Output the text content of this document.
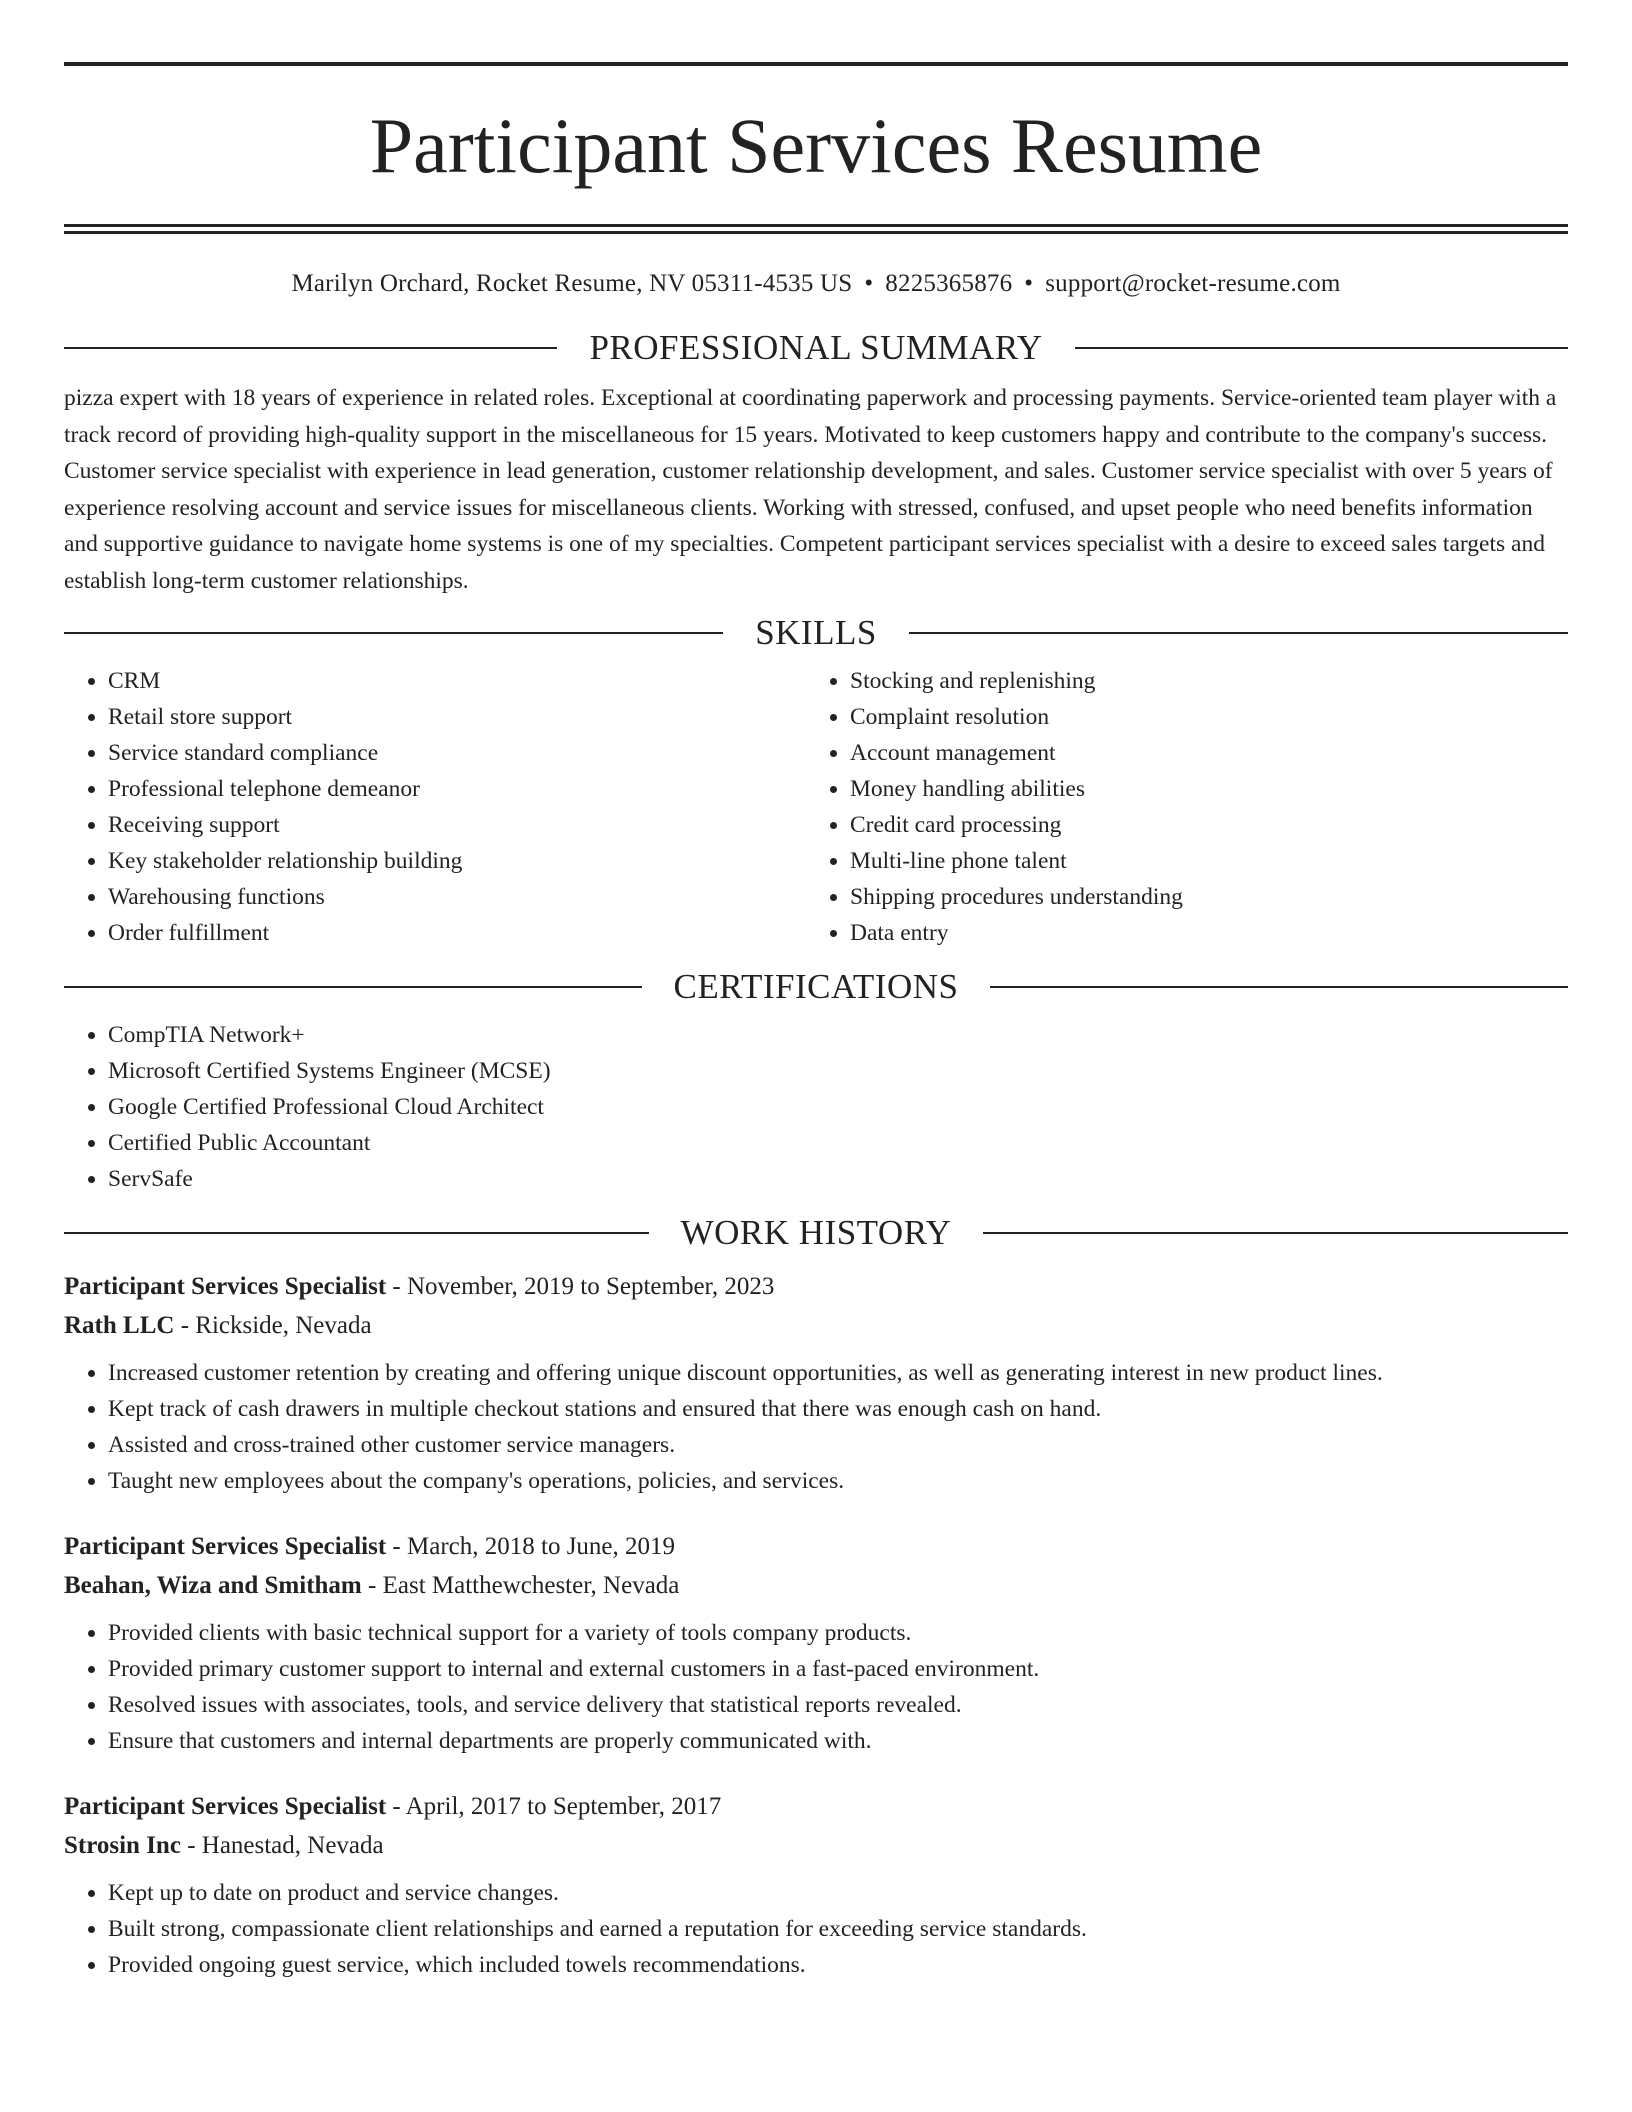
Participant Services Resume
Marilyn Orchard, Rocket Resume, NV 05311-4535 US • 8225365876 • support@rocket-resume.com
PROFESSIONAL SUMMARY

pizza expert with 18 years of experience in related roles. Exceptional at coordinating paperwork and processing payments. Service-oriented team player with a track record of providing high-quality support in the miscellaneous for 15 years. Motivated to keep customers happy and contribute to the company's success. Customer service specialist with experience in lead generation, customer relationship development, and sales. Customer service specialist with over 5 years of experience resolving account and service issues for miscellaneous clients. Working with stressed, confused, and upset people who need benefits information and supportive guidance to navigate home systems is one of my specialties. Competent participant services specialist with a desire to exceed sales targets and establish long-term customer relationships.

SKILLS
• CRM
• Retail store support
• Service standard compliance
• Professional telephone demeanor
• Receiving support
• Key stakeholder relationship building
• Warehousing functions
• Order fulfillment
• Stocking and replenishing
• Complaint resolution
• Account management
• Money handling abilities
• Credit card processing
• Multi-line phone talent
• Shipping procedures understanding
• Data entry
CERTIFICATIONS
• CompTIA Network+
• Microsoft Certified Systems Engineer (MCSE)
• Google Certified Professional Cloud Architect
• Certified Public Accountant
• ServSafe
WORK HISTORY
Participant Services Specialist - November, 2019 to September, 2023
Rath LLC - Rickside, Nevada
• Increased customer retention by creating and offering unique discount opportunities, as well as generating interest in new product lines.
• Kept track of cash drawers in multiple checkout stations and ensured that there was enough cash on hand.
• Assisted and cross-trained other customer service managers.
• Taught new employees about the company's operations, policies, and services.
Participant Services Specialist - March, 2018 to June, 2019
Beahan, Wiza and Smitham - East Matthewchester, Nevada
• Provided clients with basic technical support for a variety of tools company products.
• Provided primary customer support to internal and external customers in a fast-paced environment.
• Resolved issues with associates, tools, and service delivery that statistical reports revealed.
• Ensure that customers and internal departments are properly communicated with.
Participant Services Specialist - April, 2017 to September, 2017
Strosin Inc - Hanestad, Nevada
• Kept up to date on product and service changes.
• Built strong, compassionate client relationships and earned a reputation for exceeding service standards.
• Provided ongoing guest service, which included towels recommendations.
